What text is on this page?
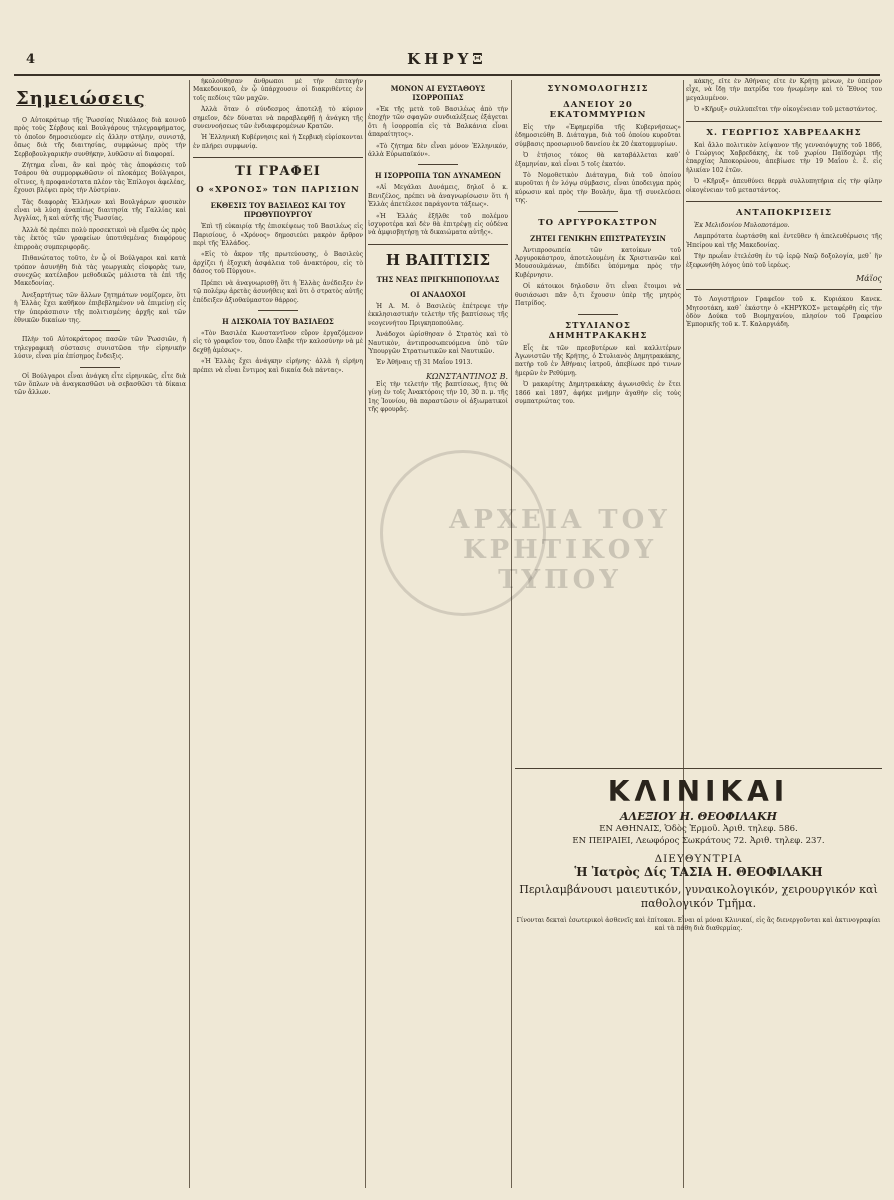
4	ΚΗΡΥΞ
Σημειώσεις

Ο Αὐτοκράτωρ τῆς Ῥωσσίας Νικόλαος διὰ κοινοῦ πρὸς τοὺς Σέρβους καὶ Βουλγάρους τηλεγραφήματος, τὸ ὁποῖον δημοσιεύομεν εἰς ἄλλην στήλην, συνιστᾷ, ὅπως διὰ τῆς διαιτησίας, συμφώνως πρὸς τὴν Σερβοβουλγαρικὴν συνθήκην, λυθῶσιν αἱ διαφοραί.

Ζήτημα εἶναι, ἂν καὶ πρὸς τὰς ἀποφάσεις τοῦ Τσάρου θὰ συμμορφωθῶσιν οἱ πλοκάμες Βούλγαροι, οἵτινες, ἡ προφανέστατα πλέον τὰς Ἐπίλογοι ἀφελέας, ἔχουσι βλέψει πρὸς τὴν Αὐστρίαν.

Τὰς διαφορὰς Ἑλλήνων καὶ Βουλγάρων φυσικὸν εἶναι νὰ λύσῃ ἀναπίεως διαιτησία τῆς Γαλλίας καὶ Ἀγγλίας, ἢ καὶ αὐτῆς τῆς Ῥωσσίας.

Ἀλλὰ δὲ πρέπει πολὺ προσεκτικοὶ νὰ εἴμεθα ὡς πρὸς τὰς ἐκτὸς τῶν γραφείων ὑποτιθεμένας διαφόρους ἐπιρροὰς συμπεριφορᾶς.

Πιθανώτατος τοῦτο, ἐν ᾧ οἱ Βούλγαροι καὶ κατὰ τρόπον ἀσυνήθη διὰ τὰς γεωργικὰς εἰσφορὰς των, συνεχῶς κατέλαβον μεθοδικῶς μάλιστα τὰ ἐπὶ τῆς Μακεδονίας.

Ἀνεξαρτήτως τῶν ἄλλων ζητημάτων νομίζομεν, ὅτι ἡ Ἑλλὰς ἔχει καθῆκον ἐπιβεβλημένον νὰ ἐπιμείνῃ εἰς τὴν ὑπεράσπισιν τῆς πολιτισμένης ἀρχῆς καὶ τῶν ἐθνικῶν δικαίων της.

Πλὴν τοῦ Αὐτοκράτορος πασῶν τῶν Ῥωσσιῶν, ἡ τηλεγραφικὴ σύστασις συνιστῶσα τὴν εἰρηνικὴν λύσιν, εἶναι μία ἐπίσημος ἔνδειξις.

Οἱ Βούλγαροι εἶναι ἀνάγκη εἶτε εἰρηνικῶς, εἶτε διὰ τῶν ὅπλων νὰ ἀναγκασθῶσι νὰ σεβασθῶσι τὰ δίκαια τῶν ἄλλων.

ἠκολούθησαν ἄνθρωποι μὲ τὴν ἐπιταγὴν Μακεδονικοῦ, ἐν ᾧ ὑπάρχουσιν οἱ διακριθέντες ἐν τοῖς πεδίοις τῶν μαχῶν.

Ἀλλὰ ὅταν ὁ σύνδεσμος ἀποτελῇ τὸ κύριον σημεῖον, δὲν δύναται νὰ παραβλεφθῇ ἡ ἀνάγκη τῆς συνεννοήσεως τῶν ἐνδιαφερομένων Κρατῶν.

Ἡ Ἑλληνικὴ Κυβέρνησις καὶ ἡ Σερβικὴ εὑρίσκονται ἐν πλήρει συμφωνίᾳ.

ΤΙ ΓΡΑΦΕΙ
Ο «ΧΡΟΝΟΣ» ΤΩΝ ΠΑΡΙΣΙΩΝ
ΕΚΘΕΣΙΣ ΤΟΥ ΒΑΣΙΛΕΩΣ ΚΑΙ ΤΟΥ ΠΡΩΘΥΠΟΥΡΓΟΥ

Ἐπὶ τῇ εὐκαιρίᾳ τῆς ἐπισκέψεως τοῦ Βασιλέως εἰς Παρισίους, ὁ «Χρόνος» δημοσιεύει μακρὸν ἄρθρον περὶ τῆς Ἑλλάδος.

«Εἰς τὸ ἄκρον τῆς πρωτεύουσης, ὁ Βασιλεὺς ἀρχίζει ἡ ἐξοχικὴ ἀσφάλεια τοῦ ἀνακτόρου, εἰς τὸ δάσος τοῦ Πύργου».

Πρέπει νὰ ἀναγνωρισθῇ ὅτι ἡ Ἑλλὰς ἀνέδειξεν ἐν τῷ πολέμῳ ἀρετὰς ἀσυνήθεις καὶ ὅτι ὁ στρατὸς αὐτῆς ἐπέδειξεν ἀξιοθαύμαστον θάρρος.

Η ΔΙΣΚΟΛΙΑ ΤΟΥ ΒΑΣΙΛΕΩΣ

«Τὸν Βασιλέα Κωνσταντῖνον εὕρον ἐργαζόμενον εἰς τὸ γραφεῖον του, ὅπου ἔλαβε τὴν καλοσύνην νὰ μὲ δεχθῇ ἀμέσως».

«Ἡ Ἑλλὰς ἔχει ἀνάγκην εἰρήνης· ἀλλὰ ἡ εἰρήνη πρέπει νὰ εἶναι ἔντιμος καὶ δικαία διὰ πάντας».

ΜΟΝΟΝ ΑΙ ΕΥΣΤΑΘΟΥΣ ΙΣΟΡΡΟΠΙΑΣ

«Ἐκ τῆς μετὰ τοῦ Βασιλέως ἀπὸ τὴν ἐποχὴν τῶν σφαγῶν συνδιαλέξεως ἐξάγεται ὅτι ἡ ἰσορροπία εἰς τὰ Βαλκάνια εἶναι ἀπαραίτητος».

«Τὸ ζήτημα δὲν εἶναι μόνον Ἑλληνικόν, ἀλλὰ Εὐρωπαϊκόν».

Η ΙΣΟΡΡΟΠΙΑ ΤΩΝ ΔΥΝΑΜΕΩΝ

«Αἱ Μεγάλαι Δυνάμεις, δηλοῖ ὁ κ. Βενιζέλος, πρέπει νὰ ἀναγνωρίσωσιν ὅτι ἡ Ἑλλὰς ἀπετέλεσε παράγοντα τάξεως».

«Ἡ Ἑλλάς ἐξῆλθε τοῦ πολέμου ἰσχυροτέρα καὶ δὲν θὰ ἐπιτρέψῃ εἰς οὐδένα νὰ ἀμφισβητήσῃ τὰ δικαιώματα αὐτῆς».

Η ΒΑΠΤΙΣΙΣ
ΤΗΣ ΝΕΑΣ ΠΡΙΓΚΗΠΟΠΟΥΛΑΣ
ΟΙ ΑΝΑΔΟΧΟΙ

Ἡ Α. Μ. ὁ Βασιλεὺς ἐπέτρεψε τὴν ἐκκλησιαστικὴν τελετὴν τῆς βαπτίσεως τῆς νεογεννήτου Πριγκηποπούλας.

Ἀνάδοχοι ὡρίσθησαν ὁ Στρατὸς καὶ τὸ Ναυτικὸν, ἀντιπροσωπευόμενα ὑπὸ τῶν Ὑπουργῶν Στρατιωτικῶν καὶ Ναυτικῶν.

Ἐν Ἀθήναις τῇ 31 Μαΐου 1913.

ΚΩΝΣΤΑΝΤΙΝΟΣ Β.

Εἰς τὴν τελετὴν τῆς βαπτίσεως, ἥτις θὰ γίνῃ ἐν τοῖς Ἀνακτόροις τὴν 10, 30 π. μ. τῆς 1ης Ἰουνίου, θὰ παραστῶσιν οἱ ἀξιωματικοὶ τῆς φρουρᾶς.

ΣΥΝΟΜΟΛΟΓΗΣΙΣ
ΔΑΝΕΙΟΥ 20 ΕΚΑΤΟΜΜΥΡΙΩΝ

Εἰς τὴν «Ἐφημερίδα τῆς Κυβερνήσεως» ἐδημοσιεύθη Β. Διάταγμα, διὰ τοῦ ὁποίου κυροῦται σύμβασις προσωρινοῦ δανείου ἐκ 20 ἑκατομμυρίων.

Ὁ ἐτήσιος τόκος θὰ καταβάλλεται καθ᾽ ἑξαμηνίαν, καὶ εἶναι 5 τοῖς ἑκατόν.

Τὸ Νομοθετικὸν Διάταγμα, διὰ τοῦ ὁποίου κυροῦται ἡ ἐν λόγῳ σύμβασις, εἶναι ὑποδειγμα πρὸς κύρωσιν καὶ πρὸς τὴν Βουλήν, ἅμα τῇ συνελεύσει της.

ΤΟ ΑΡΓΥΡΟΚΑΣΤΡΟΝ
ΖΗΤΕΙ ΓΕΝΙΚΗΝ ΕΠΙΣΤΡΑΤΕΥΣΙΝ

Ἀντιπροσωπεία τῶν κατοίκων τοῦ Ἀργυροκάστρου, ἀποτελουμένη ἐκ Χριστιανῶν καὶ Μουσουλμάνων, ἐπιδίδει ὑπόμνημα πρὸς τὴν Κυβέρνησιν.

Οἱ κάτοικοι δηλοῦσιν ὅτι εἶναι ἕτοιμοι νὰ θυσιάσωσι πᾶν ὅ,τι ἔχουσιν ὑπὲρ τῆς μητρὸς Πατρίδος.

ΣΤΥΛΙΑΝΟΣ ΔΗΜΗΤΡΑΚΑΚΗΣ

Εἷς ἐκ τῶν πρεσβυτέρων καὶ καλλιτέρων Ἀγωνιστῶν τῆς Κρήτης, ὁ Στυλιανὸς Δημητρακάκης, πατὴρ τοῦ ἐν Ἀθήναις ἰατροῦ, ἀπεβίωσε πρό τινων ἡμερῶν ἐν Ρεθύμνῃ.

Ὁ μακαρίτης Δημητρακάκης ἀγωνισθεὶς ἐν ἔτει 1866 καὶ 1897, ἀφήκε μνήμην ἀγαθὴν εἰς τοὺς συμπατριώτας του.

κάκης, εἴτε ἐν Ἀθήναις εἴτε ἐν Κρήτῃ μένων, ἐν ὑπείρον εἶχε, νὰ ἴδῃ τὴν πατρίδα του ἠνωμένην καὶ τὸ Ἔθνος του μεγαλυμένον.

Ὁ «Κῆρυξ» συλλυπεῖται τὴν οἰκογένειαν τοῦ μεταστάντος.

Χ. ΓΕΩΡΓΙΟΣ ΧΑΒΡΕΔΑΚΗΣ

Καὶ ἄλλο πολιτικὸν λείψανον τῆς γενναιόψυχης τοῦ 1866, ὁ Γεώργιος Χαβρεδάκης, ἐκ τοῦ χωρίου Παϊδοχώρι τῆς ἐπαρχίας Ἀποκορώνου, ἀπεβίωσε τὴν 19 Μαΐου ἐ. ἔ. εἰς ἡλικίαν 102 ἐτῶν.

Ὁ «Κῆρυξ» ἀπευθύνει θερμὰ συλλυπητήρια εἰς τὴν φίλην οἰκογένειαν τοῦ μεταστάντος.

ΑΝΤΑΠΟΚΡΙΣΕΙΣ

Ἐκ Μελιδονίου Μυλοποτάμου.

Λαμπρότατα ἑωρτάσθη καὶ ἐντεῦθεν ἡ ἀπελευθέρωσις τῆς Ἠπείρου καὶ τῆς Μακεδονίας.

Τὴν πρωΐαν ἐτελέσθη ἐν τῷ ἱερῷ Ναῷ δοξολογία, μεθ᾽ ἣν ἐξεφωνήθη λόγος ὑπὸ τοῦ ἰερέως.

Μάϊος

Τὸ Λογιστήριον Γραφεῖον τοῦ κ. Κυριάκου Κανεκ. Μητσοτάκη, καθ᾽ ἑκάστην ὁ «ΚΗΡΥΚΟΣ» μεταφέρθη εἰς τὴν ὁδὸν Δούκα τοῦ Βιομηχανίου, πλησίον τοῦ Γραφείου Ἐμπορικῆς τοῦ κ. Τ. Καλαργιάδη.

ΚΛΙΝΙΚΑΙ
ΑΛΕΞΙΟΥ Η. ΘΕΟΦΙΛΑΚΗ
ΕΝ ΑΘΗΝΑΙΣ, Ὁδὸς Ἑρμοῦ. Ἀριθ. τηλεφ. 586.
ΕΝ ΠΕΙΡΑΙΕΙ, Λεωφόρος Σωκράτους 72. Ἀριθ. τηλεφ. 237.
ΔΙΕΥΘΥΝΤΡΙΑ
Ἡ Ἰατρὸς Δίς ΤΑΣΙΑ Η. ΘΕΟΦΙΛΑΚΗ
Περιλαμβάνουσι μαιευτικόν, γυναικολογικόν, χειρουργικόν καὶ παθολογικόν Τμῆμα.
Γίνονται δεκταὶ ἐσωτερικοὶ ἀσθενεῖς καὶ ἐπίτοκοι. Εἶναι αἱ μόναι Κλινικαί, εἰς ἃς διενεργοῦνται καὶ ἀκτινογραφίαι καὶ τὰ πάθη διὰ διαθερμίας.
ΑΡΧΕΙΑ ΤΟΥ ΚΡΗΤΙΚΟΥ ΤΥΠΟΥ
